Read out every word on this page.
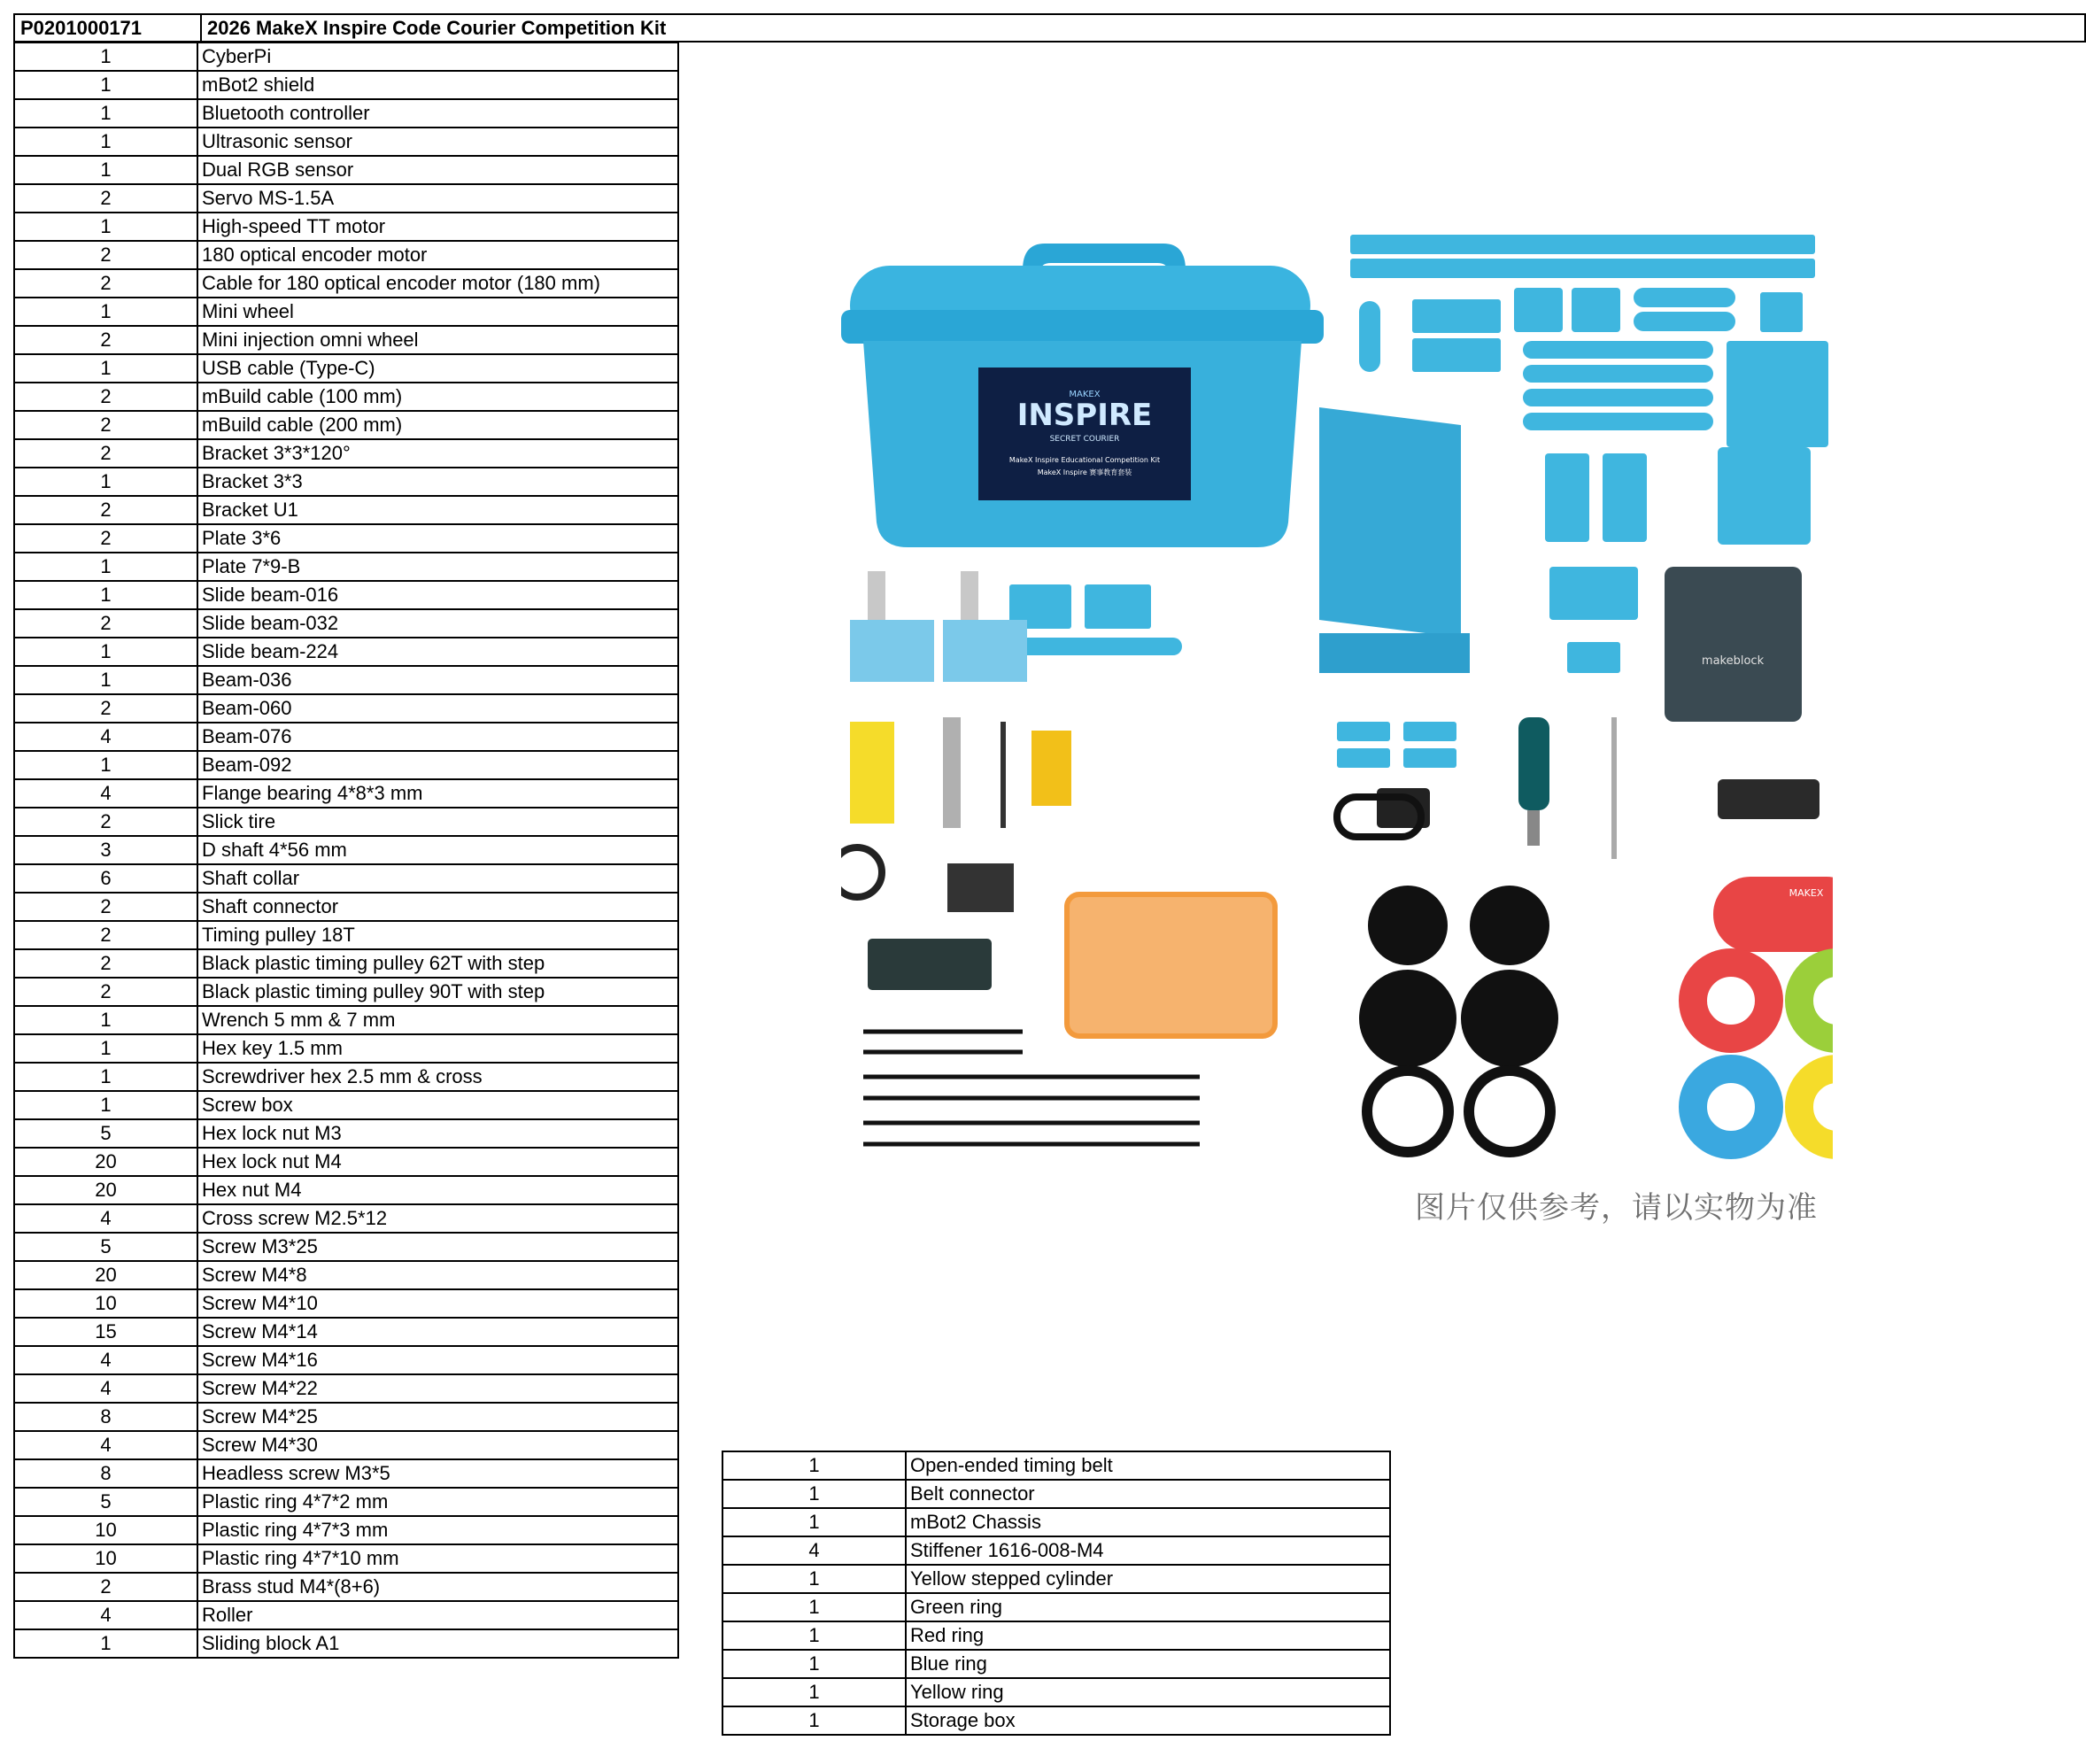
P0201000171	2026 MakeX Inspire Code Courier Competition Kit
1	CyberPi
1	mBot2 shield
1	Bluetooth controller
1	Ultrasonic sensor
1	Dual RGB sensor
2	Servo MS-1.5A
1	High-speed TT motor
2	180 optical encoder motor
2	Cable for 180 optical encoder motor (180 mm)
1	Mini wheel
2	Mini injection omni wheel
1	USB cable (Type-C)
2	mBuild cable (100 mm)
2	mBuild cable (200 mm)
2	Bracket 3*3*120°
1	Bracket 3*3
2	Bracket U1
2	Plate 3*6
1	Plate 7*9-B
1	Slide beam-016
2	Slide beam-032
1	Slide beam-224
1	Beam-036
2	Beam-060
4	Beam-076
1	Beam-092
4	Flange bearing 4*8*3 mm
2	Slick tire
3	D shaft 4*56 mm
6	Shaft collar
2	Shaft connector
2	Timing pulley 18T
2	Black plastic timing pulley 62T with step
2	Black plastic timing pulley 90T with step
1	Wrench 5 mm & 7 mm
1	Hex key 1.5 mm
1	Screwdriver hex 2.5 mm & cross
1	Screw box
5	Hex lock nut M3
20	Hex lock nut M4
20	Hex nut M4
4	Cross screw M2.5*12
5	Screw M3*25
20	Screw M4*8
10	Screw M4*10
15	Screw M4*14
4	Screw M4*16
4	Screw M4*22
8	Screw M4*25
4	Screw M4*30
8	Headless screw M3*5
5	Plastic ring 4*7*2 mm
10	Plastic ring 4*7*3 mm
10	Plastic ring 4*7*10 mm
2	Brass stud M4*(8+6)
4	Roller
1	Sliding block A1
1	Open-ended timing belt
1	Belt connector
1	mBot2 Chassis
4	Stiffener 1616-008-M4
1	Yellow stepped cylinder
1	Green ring
1	Red ring
1	Blue ring
1	Yellow ring
1	Storage box
MAKEX
INSPIRE
SECRET COURIER
MakeX Inspire Educational Competition Kit
MakeX Inspire 赛事教育套装
makeblock
MAKEX
图片仅供参考，请以实物为准
